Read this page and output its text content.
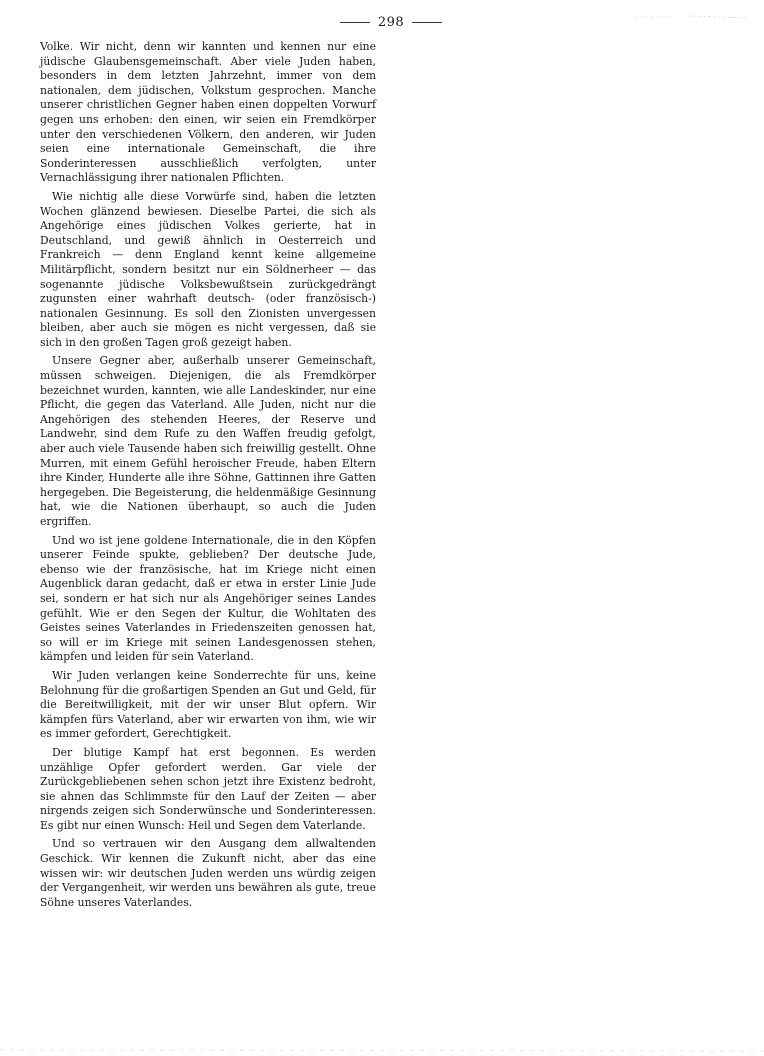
298

Volke. Wir nicht, denn wir kannten und kennen nur eine jüdische Glaubensgemeinschaft. Aber viele Juden haben, besonders in dem letzten Jahrzehnt, immer von dem nationalen, dem jüdischen, Volkstum gesprochen. Manche unserer christlichen Gegner haben einen doppelten Vorwurf gegen uns erhoben: den einen, wir seien ein Fremdkörper unter den verschiedenen Völkern, den anderen, wir Juden seien eine internationale Gemeinschaft, die ihre Sonderinteressen ausschließlich verfolgten, unter Vernachlässigung ihrer nationalen Pflichten.

Wie nichtig alle diese Vorwürfe sind, haben die letzten Wochen glänzend bewiesen. Dieselbe Partei, die sich als Angehörige eines jüdischen Volkes gerierte, hat in Deutschland, und gewiß ähnlich in Oesterreich und Frankreich — denn England kennt keine allgemeine Militärpflicht, sondern besitzt nur ein Söldnerheer — das sogenannte jüdische Volksbewußtsein zurückgedrängt zugunsten einer wahrhaft deutsch- (oder französisch-) nationalen Gesinnung. Es soll den Zionisten unvergessen bleiben, aber auch sie mögen es nicht vergessen, daß sie sich in den großen Tagen groß gezeigt haben.

Unsere Gegner aber, außerhalb unserer Gemeinschaft, müssen schweigen. Diejenigen, die als Fremdkörper bezeichnet wurden, kannten, wie alle Landeskinder, nur eine Pflicht, die gegen das Vaterland. Alle Juden, nicht nur die Angehörigen des stehenden Heeres, der Reserve und Landwehr, sind dem Rufe zu den Waffen freudig gefolgt, aber auch viele Tausende haben sich freiwillig gestellt. Ohne Murren, mit einem Gefühl heroischer Freude, haben Eltern ihre Kinder, Hunderte alle ihre Söhne, Gattinnen ihre Gatten hergegeben. Die Begeisterung, die heldenmäßige Gesinnung hat, wie die Nationen überhaupt, so auch die Juden ergriffen.

Und wo ist jene goldene Internationale, die in den Köpfen unserer Feinde spukte, geblieben? Der deutsche Jude, ebenso wie der französische, hat im Kriege nicht einen Augenblick daran gedacht, daß er etwa in erster Linie Jude sei, sondern er hat sich nur als Angehöriger seines Landes gefühlt. Wie er den Segen der Kultur, die Wohltaten des Geistes seines Vaterlandes in Friedenszeiten genossen hat, so will er im Kriege mit seinen Landesgenossen stehen, kämpfen und leiden für sein Vaterland.

Wir Juden verlangen keine Sonderrechte für uns, keine Belohnung für die großartigen Spenden an Gut und Geld, für die Bereitwilligkeit, mit der wir unser Blut opfern. Wir kämpfen fürs Vaterland, aber wir erwarten von ihm, wie wir es immer gefordert, Gerechtigkeit.

Der blutige Kampf hat erst begonnen. Es werden unzählige Opfer gefordert werden. Gar viele der Zurückgebliebenen sehen schon jetzt ihre Existenz bedroht, sie ahnen das Schlimmste für den Lauf der Zeiten — aber nirgends zeigen sich Sonderwünsche und Sonderinteressen. Es gibt nur einen Wunsch: Heil und Segen dem Vaterlande.

Und so vertrauen wir den Ausgang dem allwaltenden Geschick. Wir kennen die Zukunft nicht, aber das eine wissen wir: wir deutschen Juden werden uns würdig zeigen der Vergangenheit, wir werden uns bewähren als gute, treue Söhne unseres Vaterlandes.
